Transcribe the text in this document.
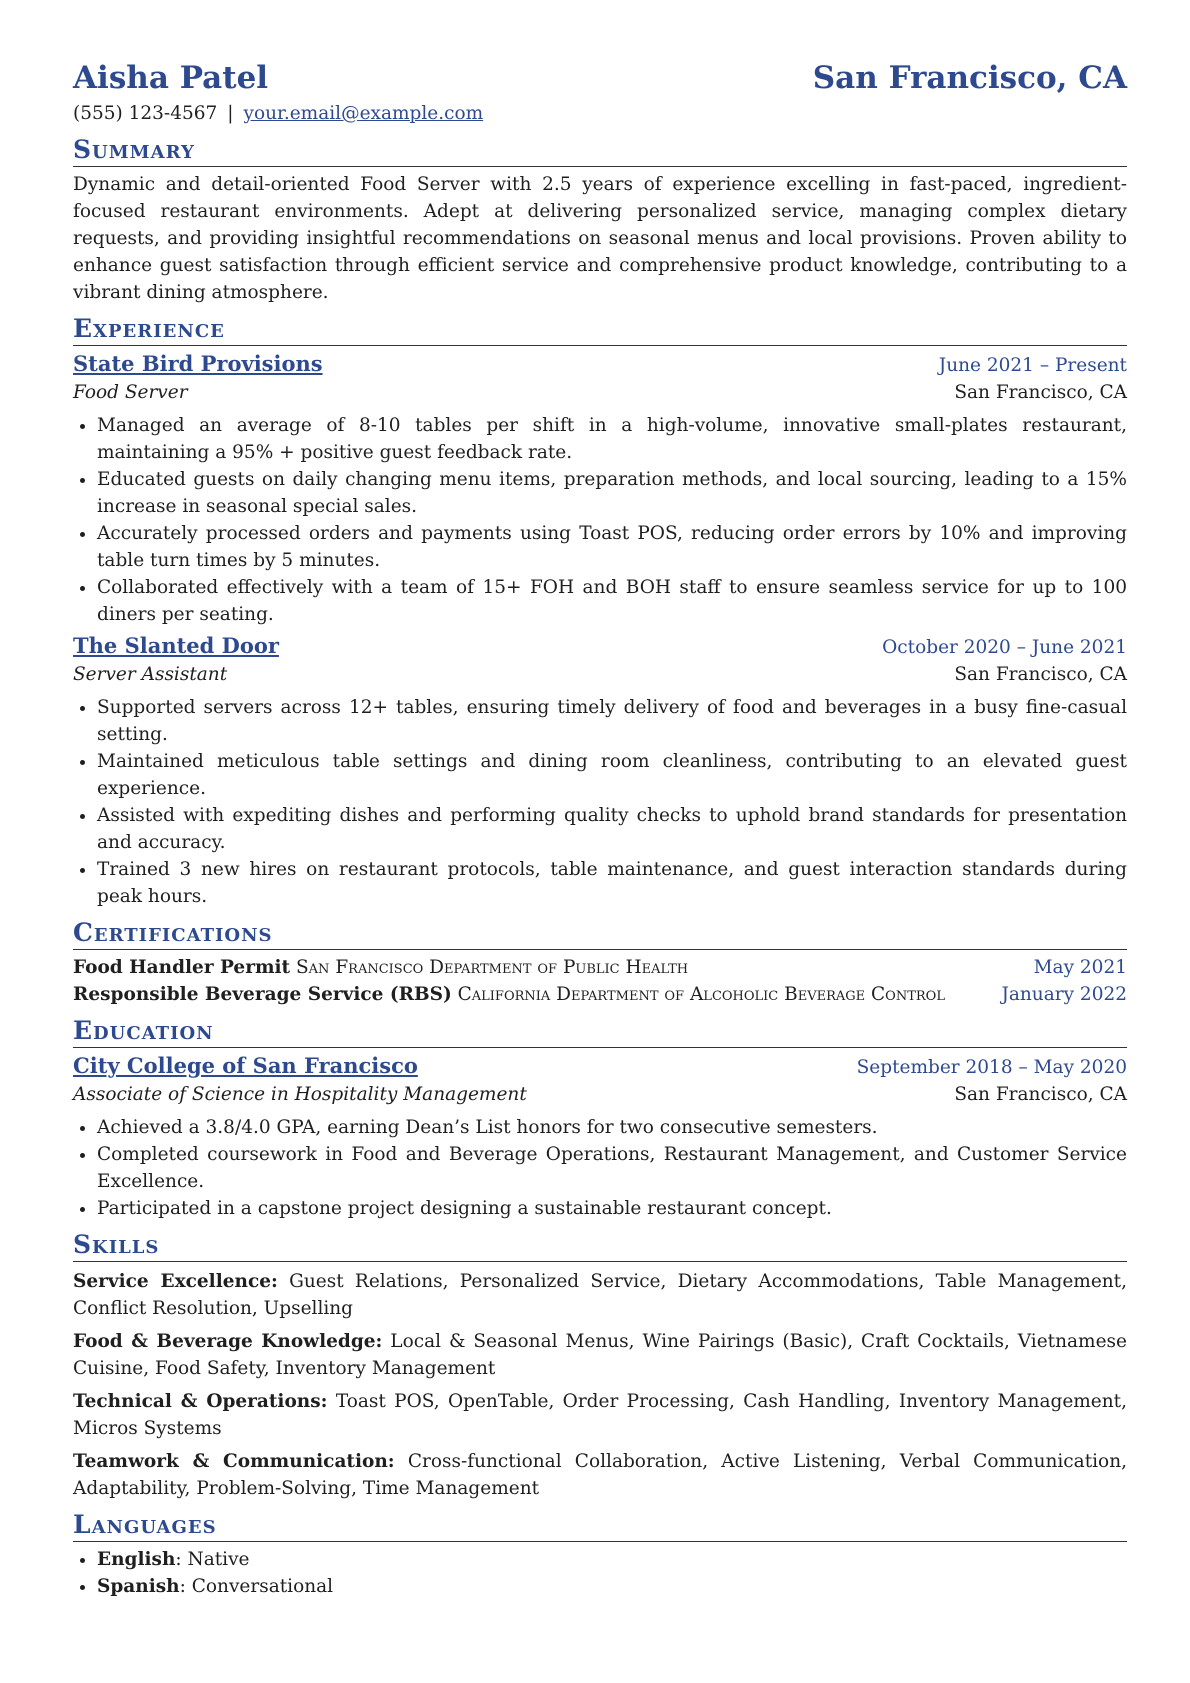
Aisha Patel	San Francisco, CA
(555) 123-4567 | your.email@example.com
Summary
Dynamic and detail-oriented Food Server with 2.5 years of experience excelling in fast-paced, ingredient-focused restaurant environments. Adept at delivering personalized service, managing complex dietary requests, and providing insightful recommendations on seasonal menus and local provisions. Proven ability to enhance guest satisfaction through efficient service and comprehensive product knowledge, contributing to a vibrant dining atmosphere.
Experience
State Bird Provisions	June 2021 – Present
Food Server	San Francisco, CA
• Managed an average of 8-10 tables per shift in a high-volume, innovative small-plates restaurant, maintaining a 95% + positive guest feedback rate.
• Educated guests on daily changing menu items, preparation methods, and local sourcing, leading to a 15% increase in seasonal special sales.
• Accurately processed orders and payments using Toast POS, reducing order errors by 10% and improving table turn times by 5 minutes.
• Collaborated effectively with a team of 15+ FOH and BOH staff to ensure seamless service for up to 100 diners per seating.
The Slanted Door	October 2020 – June 2021
Server Assistant	San Francisco, CA
• Supported servers across 12+ tables, ensuring timely delivery of food and beverages in a busy fine-casual setting.
• Maintained meticulous table settings and dining room cleanliness, contributing to an elevated guest experience.
• Assisted with expediting dishes and performing quality checks to uphold brand standards for presentation and accuracy.
• Trained 3 new hires on restaurant protocols, table maintenance, and guest interaction standards during peak hours.
Certifications
Food Handler Permit San Francisco Department of Public Health	May 2021
Responsible Beverage Service (RBS) California Department of Alcoholic Beverage Control	January 2022
Education
City College of San Francisco	September 2018 – May 2020
Associate of Science in Hospitality Management	San Francisco, CA
• Achieved a 3.8/4.0 GPA, earning Dean’s List honors for two consecutive semesters.
• Completed coursework in Food and Beverage Operations, Restaurant Management, and Customer Service Excellence.
• Participated in a capstone project designing a sustainable restaurant concept.
Skills
Service Excellence: Guest Relations, Personalized Service, Dietary Accommodations, Table Management, Conflict Resolution, Upselling
Food & Beverage Knowledge: Local & Seasonal Menus, Wine Pairings (Basic), Craft Cocktails, Vietnamese Cuisine, Food Safety, Inventory Management
Technical & Operations: Toast POS, OpenTable, Order Processing, Cash Handling, Inventory Management, Micros Systems
Teamwork & Communication: Cross-functional Collaboration, Active Listening, Verbal Communication, Adaptability, Problem-Solving, Time Management
Languages
• English: Native
• Spanish: Conversational
